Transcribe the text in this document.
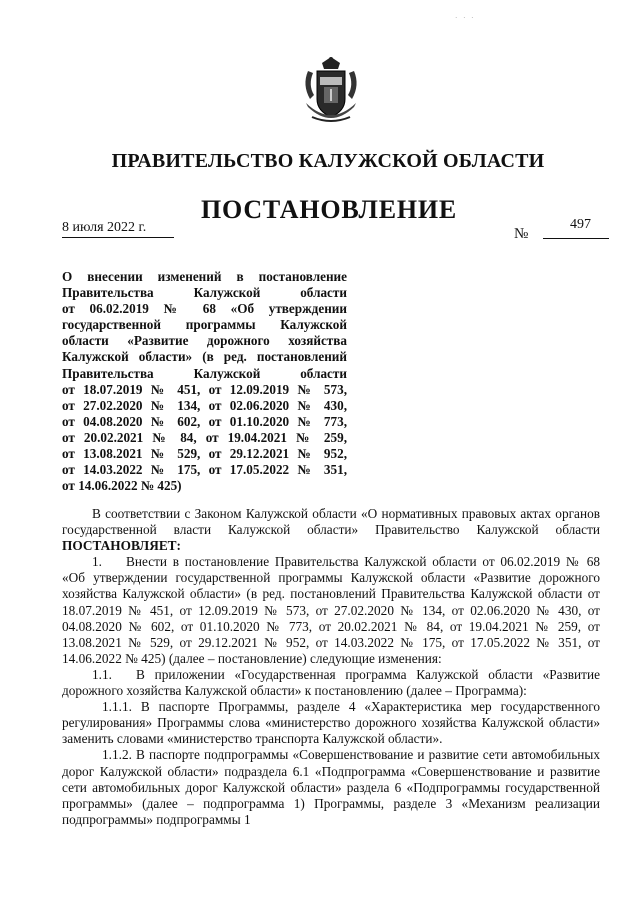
· · ·
ПРАВИТЕЛЬСТВО КАЛУЖСКОЙ ОБЛАСТИ
ПОСТАНОВЛЕНИЕ
8 июля 2022 г.	№
497
О внесении изменений в постановление
Правительства Калужской области
от 06.02.2019 № 68 «Об утверждении
государственной программы Калужской
области «Развитие дорожного хозяйства
Калужской области» (в ред. постановлений
Правительства Калужской области
от 18.07.2019 № 451, от 12.09.2019 № 573,
от 27.02.2020 № 134, от 02.06.2020 № 430,
от 04.08.2020 № 602, от 01.10.2020 № 773,
от 20.02.2021 № 84, от 19.04.2021 № 259,
от 13.08.2021 № 529, от 29.12.2021 № 952,
от 14.03.2022 № 175, от 17.05.2022 № 351,
от 14.06.2022 № 425)

В соответствии с Законом Калужской области «О нормативных правовых актах органов государственной власти Калужской области» Правительство Калужской области ПОСТАНОВЛЯЕТ:

1. Внести в постановление Правительства Калужской области от 06.02.2019 № 68 «Об утверждении государственной программы Калужской области «Развитие дорожного хозяйства Калужской области» (в ред. постановлений Правительства Калужской области от 18.07.2019 № 451, от 12.09.2019 № 573, от 27.02.2020 № 134, от 02.06.2020 № 430, от 04.08.2020 № 602, от 01.10.2020 № 773, от 20.02.2021 № 84, от 19.04.2021 № 259, от 13.08.2021 № 529, от 29.12.2021 № 952, от 14.03.2022 № 175, от 17.05.2022 № 351, от 14.06.2022 № 425) (далее – постановление) следующие изменения:

1.1. В приложении «Государственная программа Калужской области «Развитие дорожного хозяйства Калужской области» к постановлению (далее – Программа):

1.1.1. В паспорте Программы, разделе 4 «Характеристика мер государственного регулирования» Программы слова «министерство дорожного хозяйства Калужской области» заменить словами «министерство транспорта Калужской области».

1.1.2. В паспорте подпрограммы «Совершенствование и развитие сети автомобильных дорог Калужской области» подраздела 6.1 «Подпрограмма «Совершенствование и развитие сети автомобильных дорог Калужской области» раздела 6 «Подпрограммы государственной программы» (далее – подпрограмма 1) Программы, разделе 3 «Механизм реализации подпрограммы» подпрограммы 1
